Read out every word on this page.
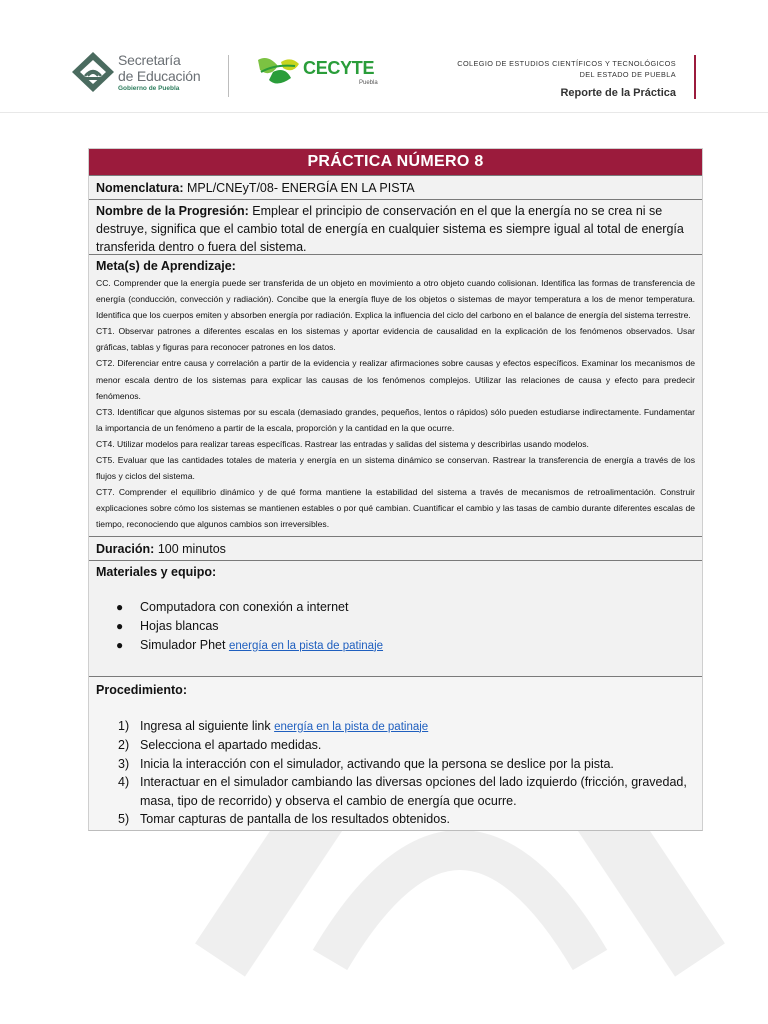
Secretaría
de Educación
Gobierno de Puebla
CECYTE
Puebla
COLEGIO DE ESTUDIOS CIENTÍFICOS Y TECNOLÓGICOS
DEL ESTADO DE PUEBLA
Reporte de la Práctica
PRÁCTICA NÚMERO 8
Nomenclatura: MPL/CNEyT/08- ENERGÍA EN LA PISTA
Nombre de la Progresión: Emplear el principio de conservación en el que la energía no se crea ni se destruye, significa que el cambio total de energía en cualquier sistema es siempre igual al total de energía transferida dentro o fuera del sistema.
Meta(s) de Aprendizaje:

CC. Comprender que la energía puede ser transferida de un objeto en movimiento a otro objeto cuando colisionan. Identifica las formas de transferencia de energía (conducción, convección y radiación). Concibe que la energía fluye de los objetos o sistemas de mayor temperatura a los de menor temperatura. Identifica que los cuerpos emiten y absorben energía por radiación. Explica la influencia del ciclo del carbono en el balance de energía del sistema terrestre.

CT1. Observar patrones a diferentes escalas en los sistemas y aportar evidencia de causalidad en la explicación de los fenómenos observados. Usar gráficas, tablas y figuras para reconocer patrones en los datos.

CT2. Diferenciar entre causa y correlación a partir de la evidencia y realizar afirmaciones sobre causas y efectos específicos. Examinar los mecanismos de menor escala dentro de los sistemas para explicar las causas de los fenómenos complejos. Utilizar las relaciones de causa y efecto para predecir fenómenos.

CT3. Identificar que algunos sistemas por su escala (demasiado grandes, pequeños, lentos o rápidos) sólo pueden estudiarse indirectamente. Fundamentar la importancia de un fenómeno a partir de la escala, proporción y la cantidad en la que ocurre.

CT4. Utilizar modelos para realizar tareas específicas. Rastrear las entradas y salidas del sistema y describirlas usando modelos.

CT5. Evaluar que las cantidades totales de materia y energía en un sistema dinámico se conservan. Rastrear la transferencia de energía a través de los flujos y ciclos del sistema.

CT7. Comprender el equilibrio dinámico y de qué forma mantiene la estabilidad del sistema a través de mecanismos de retroalimentación. Construir explicaciones sobre cómo los sistemas se mantienen estables o por qué cambian. Cuantificar el cambio y las tasas de cambio durante diferentes escalas de tiempo, reconociendo que algunos cambios son irreversibles.

Duración: 100 minutos
Materiales y equipo:
● Computadora con conexión a internet
● Hojas blancas
● Simulador Phet energía en la pista de patinaje
Procedimiento:
1) Ingresa al siguiente link energía en la pista de patinaje
2) Selecciona el apartado medidas.
3) Inicia la interacción con el simulador, activando que la persona se deslice por la pista.
4) Interactuar en el simulador cambiando las diversas opciones del lado izquierdo (fricción, gravedad, masa, tipo de recorrido) y observa el cambio de energía que ocurre.
5) Tomar capturas de pantalla de los resultados obtenidos.
